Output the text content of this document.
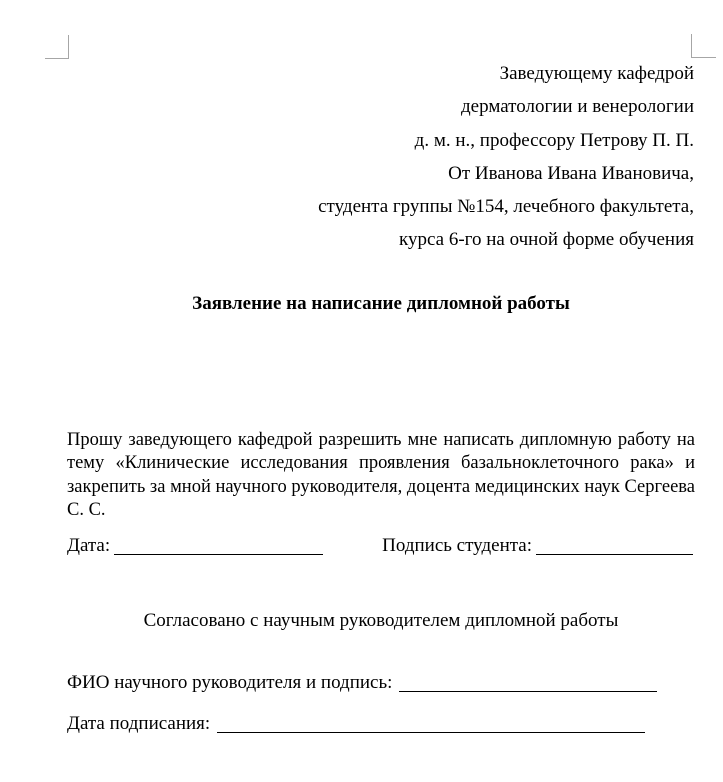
Заведующему кафедрой
дерматологии и венерологии
д. м. н., профессору Петрову П. П.
От Иванова Ивана Ивановича,
студента группы №154, лечебного факультета,
курса 6-го на очной форме обучения
Заявление на написание дипломной работы
Прошу заведующего кафедрой разрешить мне написать дипломную работу на тему «Клинические исследования проявления базальноклеточного рака» и закрепить за мной научного руководителя, доцента медицинских наук Сергеева С. С.
Дата:	Подпись студента:
Согласовано с научным руководителем дипломной работы
ФИО научного руководителя и подпись:
Дата подписания:
